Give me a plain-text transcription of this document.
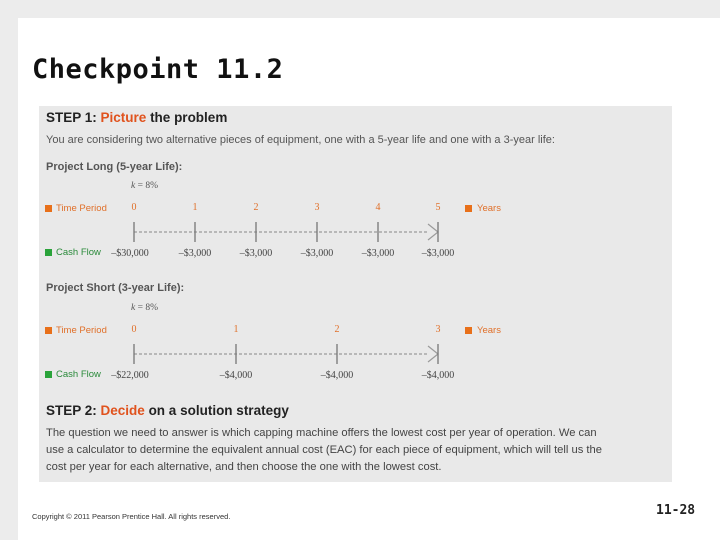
Checkpoint 11.2
STEP 1: Picture the problem
You are considering two alternative pieces of equipment, one with a 5-year life and one with a 3-year life:
Project Long (5-year Life):
k = 8%
Time Period
Cash Flow
Years
0	1	2	3	4	5
–$30,000	–$3,000	–$3,000	–$3,000	–$3,000	–$3,000
Project Short (3-year Life):
k = 8%
Time Period
Cash Flow
Years
0	1	2	3
–$22,000	–$4,000	–$4,000	–$4,000
STEP 2: Decide on a solution strategy
The question we need to answer is which capping machine offers the lowest cost per year of operation. We can
use a calculator to determine the equivalent annual cost (EAC) for each piece of equipment, which will tell us the
cost per year for each alternative, and then choose the one with the lowest cost.
Copyright © 2011 Pearson Prentice Hall. All rights reserved.	11-28
